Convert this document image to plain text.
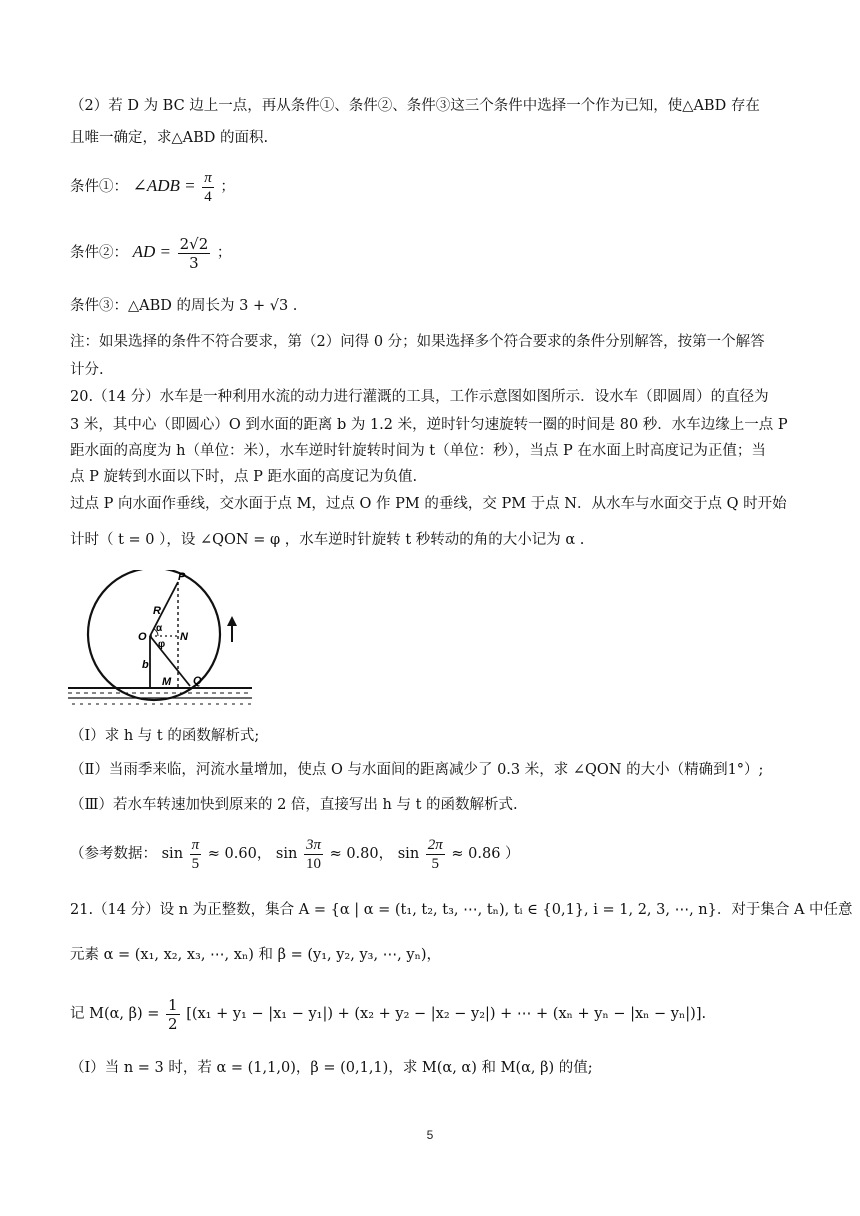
（2）若 D 为 BC 边上一点，再从条件①、条件②、条件③这三个条件中选择一个作为已知，使△ABD 存在
且唯一确定，求△ABD 的面积.
条件①： ∠ADB = $\frac{\pi}{4}$ ；
条件②： AD = $\frac{2√2}{3}$ ；
条件③：△ABD 的周长为 3 + √3 .
注：如果选择的条件不符合要求，第（2）问得 0 分；如果选择多个符合要求的条件分别解答，按第一个解答
计分.
20.（14 分）水车是一种利用水流的动力进行灌溉的工具，工作示意图如图所示．设水车（即圆周）的直径为
3 米，其中心（即圆心）O 到水面的距离 b 为 1.2 米，逆时针匀速旋转一圈的时间是 80 秒．水车边缘上一点 P
距水面的高度为 h（单位：米），水车逆时针旋转时间为 t（单位：秒），当点 P 在水面上时高度记为正值；当
点 P 旋转到水面以下时，点 P 距水面的高度记为负值.
过点 P 向水面作垂线，交水面于点 M，过点 O 作 PM 的垂线，交 PM 于点 N．从水车与水面交于点 Q 时开始
计时（ t = 0 ），设 ∠QON = φ ，水车逆时针旋转 t 秒转动的角的大小记为 α .
P
R
O	N
α
φ
b
M Q
（Ⅰ）求 h 与 t 的函数解析式;
（Ⅱ）当雨季来临，河流水量增加，使点 O 与水面间的距离减少了 0.3 米，求 ∠QON 的大小（精确到1°）;
（Ⅲ）若水车转速加快到原来的 2 倍，直接写出 h 与 t 的函数解析式.
（参考数据： $\sin \frac{\pi}{5} \approx 0.60$， $\sin \frac{3\pi}{10} \approx 0.80$， $\sin \frac{2\pi}{5} \approx 0.86$ ）
21.（14 分）设 n 为正整数，集合 A = {α | α = (t₁, t₂, t₃, ⋯, tₙ), tᵢ ∈ {0,1}, i = 1, 2, 3, ⋯, n}．对于集合 A 中任意
元素 α = (x₁, x₂, x₃, ⋯, xₙ) 和 β = (y₁, y₂, y₃, ⋯, yₙ)，
记 M(α, $\beta) = \frac{1}{2} [(x_1 + y_1 - |x_1 - y_1|) + (x_2 + y_2 - |x_2 - y_2|)$ + ⋯ + (xₙ + yₙ − |xₙ − yₙ|)].
（Ⅰ）当 n = 3 时，若 α = (1,1,0)，β = (0,1,1)，求 M(α, α) 和 M(α, β) 的值;
5
